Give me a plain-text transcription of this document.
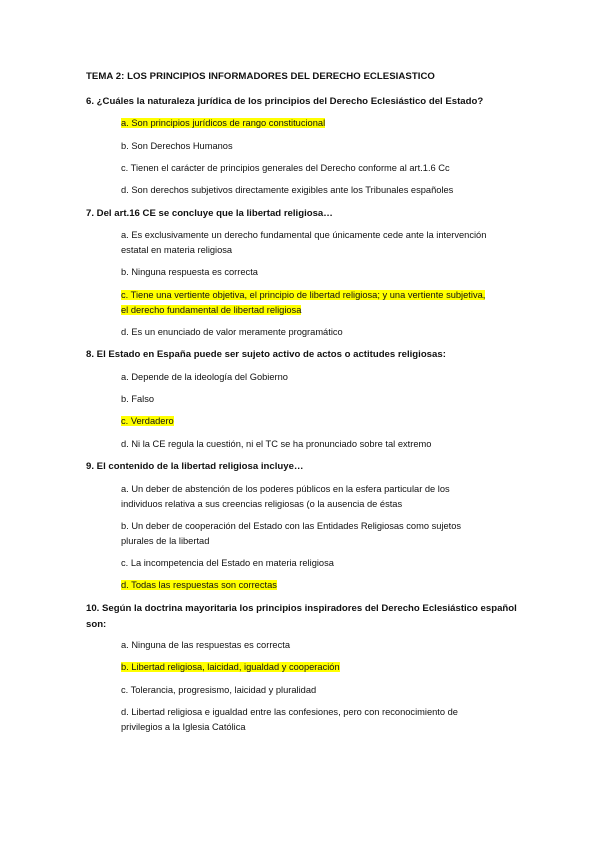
TEMA 2: LOS PRINCIPIOS INFORMADORES DEL DERECHO ECLESIASTICO
6. ¿Cuáles la naturaleza jurídica de los principios del Derecho Eclesiástico del Estado?
a. Son principios jurídicos de rango constitucional
b. Son Derechos Humanos
c. Tienen el carácter de principios generales del Derecho conforme al art.1.6 Cc
d. Son derechos subjetivos directamente exigibles ante los Tribunales españoles
7. Del art.16 CE se concluye que la libertad religiosa…
a. Es exclusivamente un derecho fundamental que únicamente cede ante la intervención estatal en materia religiosa
b. Ninguna respuesta es correcta
c. Tiene una vertiente objetiva, el principio de libertad religiosa; y una vertiente subjetiva, el derecho fundamental de libertad religiosa
d. Es un enunciado de valor meramente programático
8. El Estado en España puede ser sujeto activo de actos o actitudes religiosas:
a. Depende de la ideología del Gobierno
b. Falso
c. Verdadero
d. Ni la CE regula la cuestión, ni el TC se ha pronunciado sobre tal extremo
9. El contenido de la libertad religiosa incluye…
a. Un deber de abstención de los poderes públicos en la esfera particular de los individuos relativa a sus creencias religiosas (o la ausencia de éstas
b. Un deber de cooperación del Estado con las Entidades Religiosas como sujetos plurales de la libertad
c. La incompetencia del Estado en materia religiosa
d. Todas las respuestas son correctas
10. Según la doctrina mayoritaria los principios inspiradores del Derecho Eclesiástico español son:
a. Ninguna de las respuestas es correcta
b. Libertad religiosa, laicidad, igualdad y cooperación
c. Tolerancia, progresismo, laicidad y pluralidad
d. Libertad religiosa e igualdad entre las confesiones, pero con reconocimiento de privilegios a la Iglesia Católica
